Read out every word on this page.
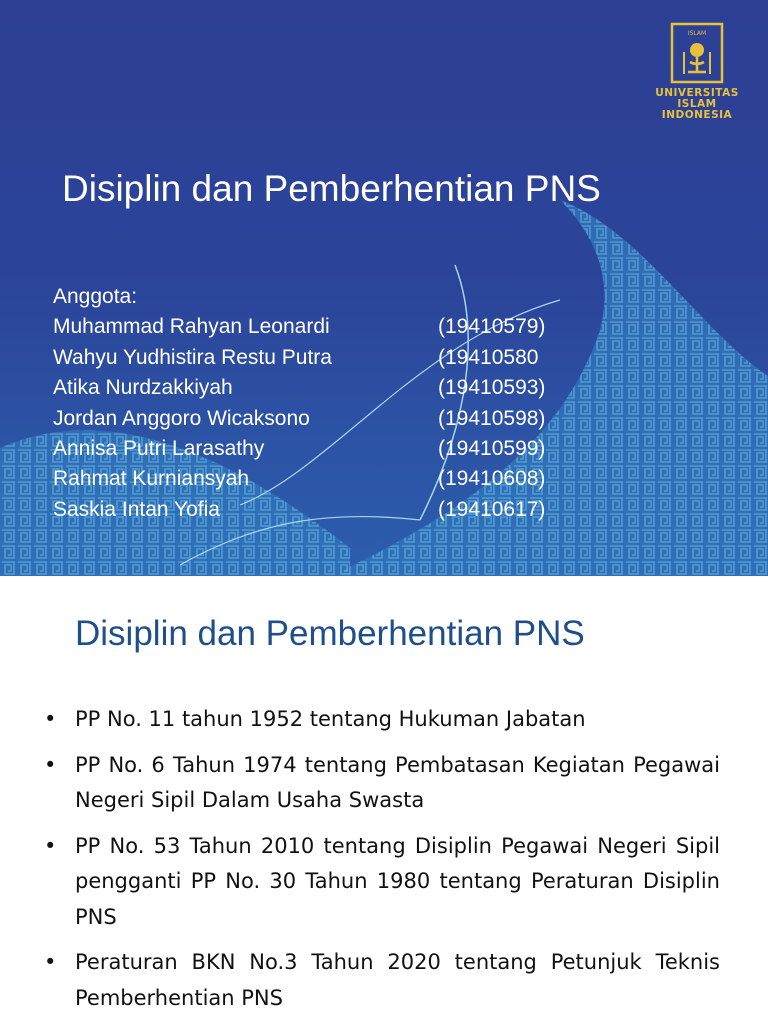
ISLAM
UNIVERSITAS
ISLAM
INDONESIA
Disiplin dan Pemberhentian PNS
Anggota:
Muhammad Rahyan Leonardi	(19410579)
Wahyu Yudhistira Restu Putra	(19410580
Atika Nurdzakkiyah	(19410593)
Jordan Anggoro Wicaksono	(19410598)
Annisa Putri Larasathy	(19410599)
Rahmat Kurniansyah	(19410608)
Saskia Intan Yofia	(19410617)
Disiplin dan Pemberhentian PNS
• PP No. 11 tahun 1952 tentang Hukuman Jabatan
• PP No. 6 Tahun 1974 tentang Pembatasan Kegiatan Pegawai Negeri Sipil Dalam Usaha Swasta
• PP No. 53 Tahun 2010 tentang Disiplin Pegawai Negeri Sipil pengganti PP No. 30 Tahun 1980 tentang Peraturan Disiplin PNS
• Peraturan BKN No.3 Tahun 2020 tentang Petunjuk Teknis Pemberhentian PNS
